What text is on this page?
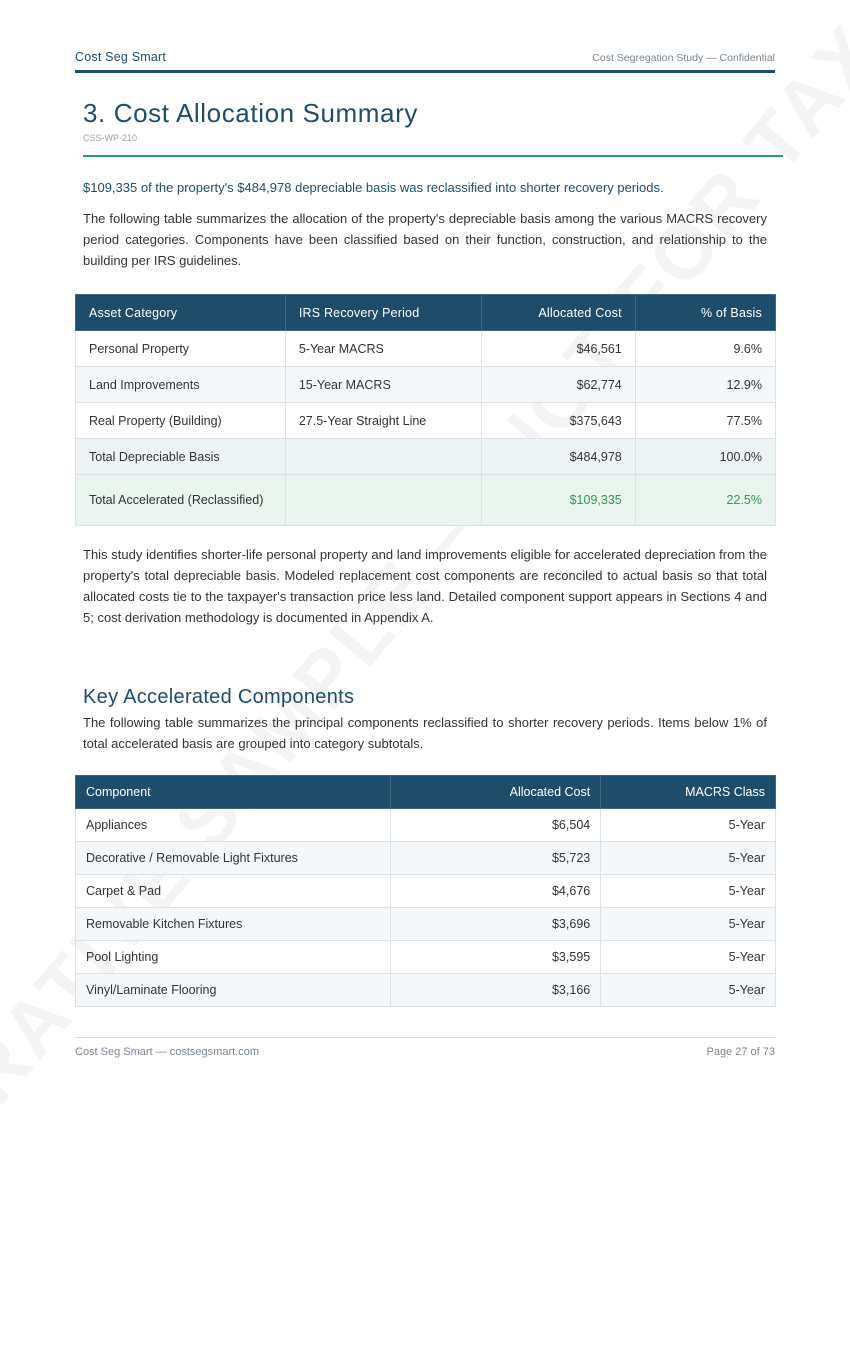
Cost Seg Smart	Cost Segregation Study — Confidential
3. Cost Allocation Summary
CSS-WP-210
$109,335 of the property's $484,978 depreciable basis was reclassified into shorter recovery periods.
The following table summarizes the allocation of the property's depreciable basis among the various MACRS recovery period categories. Components have been classified based on their function, construction, and relationship to the building per IRS guidelines.
Asset Category	IRS Recovery Period	Allocated Cost	% of Basis
Personal Property	5-Year MACRS	$46,561	9.6%
Land Improvements	15-Year MACRS	$62,774	12.9%
Real Property (Building)	27.5-Year Straight Line	$375,643	77.5%
Total Depreciable Basis		$484,978	100.0%
Total Accelerated (Reclassified)		$109,335	22.5%
This study identifies shorter-life personal property and land improvements eligible for accelerated depreciation from the property's total depreciable basis. Modeled replacement cost components are reconciled to actual basis so that total allocated costs tie to the taxpayer's transaction price less land. Detailed component support appears in Sections 4 and 5; cost derivation methodology is documented in Appendix A.
Key Accelerated Components
The following table summarizes the principal components reclassified to shorter recovery periods. Items below 1% of total accelerated basis are grouped into category subtotals.
Component	Allocated Cost	MACRS Class
Appliances	$6,504	5-Year
Decorative / Removable Light Fixtures	$5,723	5-Year
Carpet & Pad	$4,676	5-Year
Removable Kitchen Fixtures	$3,696	5-Year
Pool Lighting	$3,595	5-Year
Vinyl/Laminate Flooring	$3,166	5-Year
Cost Seg Smart — costsegsmart.com	Page 27 of 73
